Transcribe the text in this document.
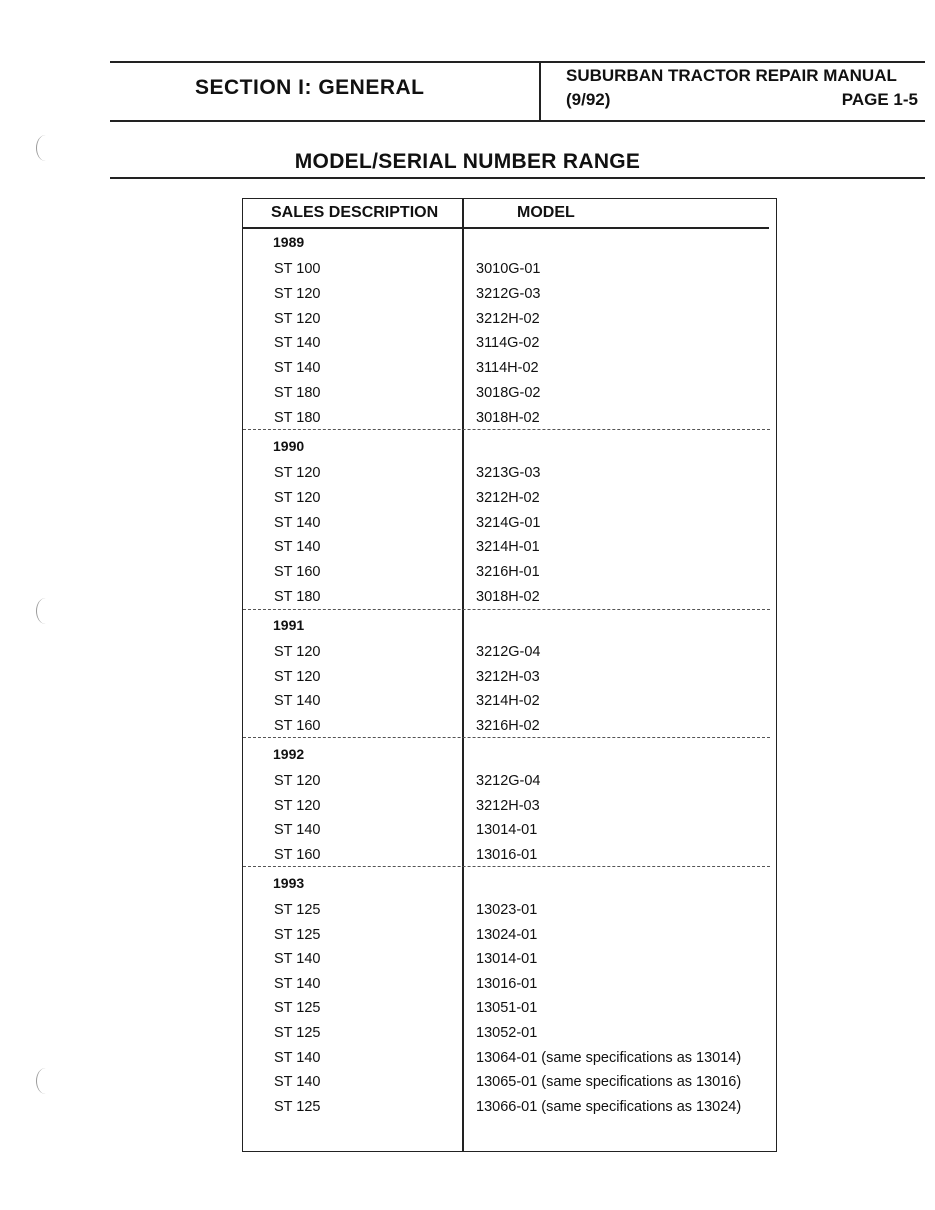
SECTION I: GENERAL
SUBURBAN TRACTOR REPAIR MANUAL
(9/92)	PAGE 1-5
MODEL/SERIAL NUMBER RANGE
SALES DESCRIPTION	MODEL
1989
ST 100	3010G-01
ST 120	3212G-03
ST 120	3212H-02
ST 140	3114G-02
ST 140	3114H-02
ST 180	3018G-02
ST 180	3018H-02
1990
ST 120	3213G-03
ST 120	3212H-02
ST 140	3214G-01
ST 140	3214H-01
ST 160	3216H-01
ST 180	3018H-02
1991
ST 120	3212G-04
ST 120	3212H-03
ST 140	3214H-02
ST 160	3216H-02
1992
ST 120	3212G-04
ST 120	3212H-03
ST 140	13014-01
ST 160	13016-01
1993
ST 125	13023-01
ST 125	13024-01
ST 140	13014-01
ST 140	13016-01
ST 125	13051-01
ST 125	13052-01
ST 140	13064-01 (same specifications as 13014)
ST 140	13065-01 (same specifications as 13016)
ST 125	13066-01 (same specifications as 13024)
